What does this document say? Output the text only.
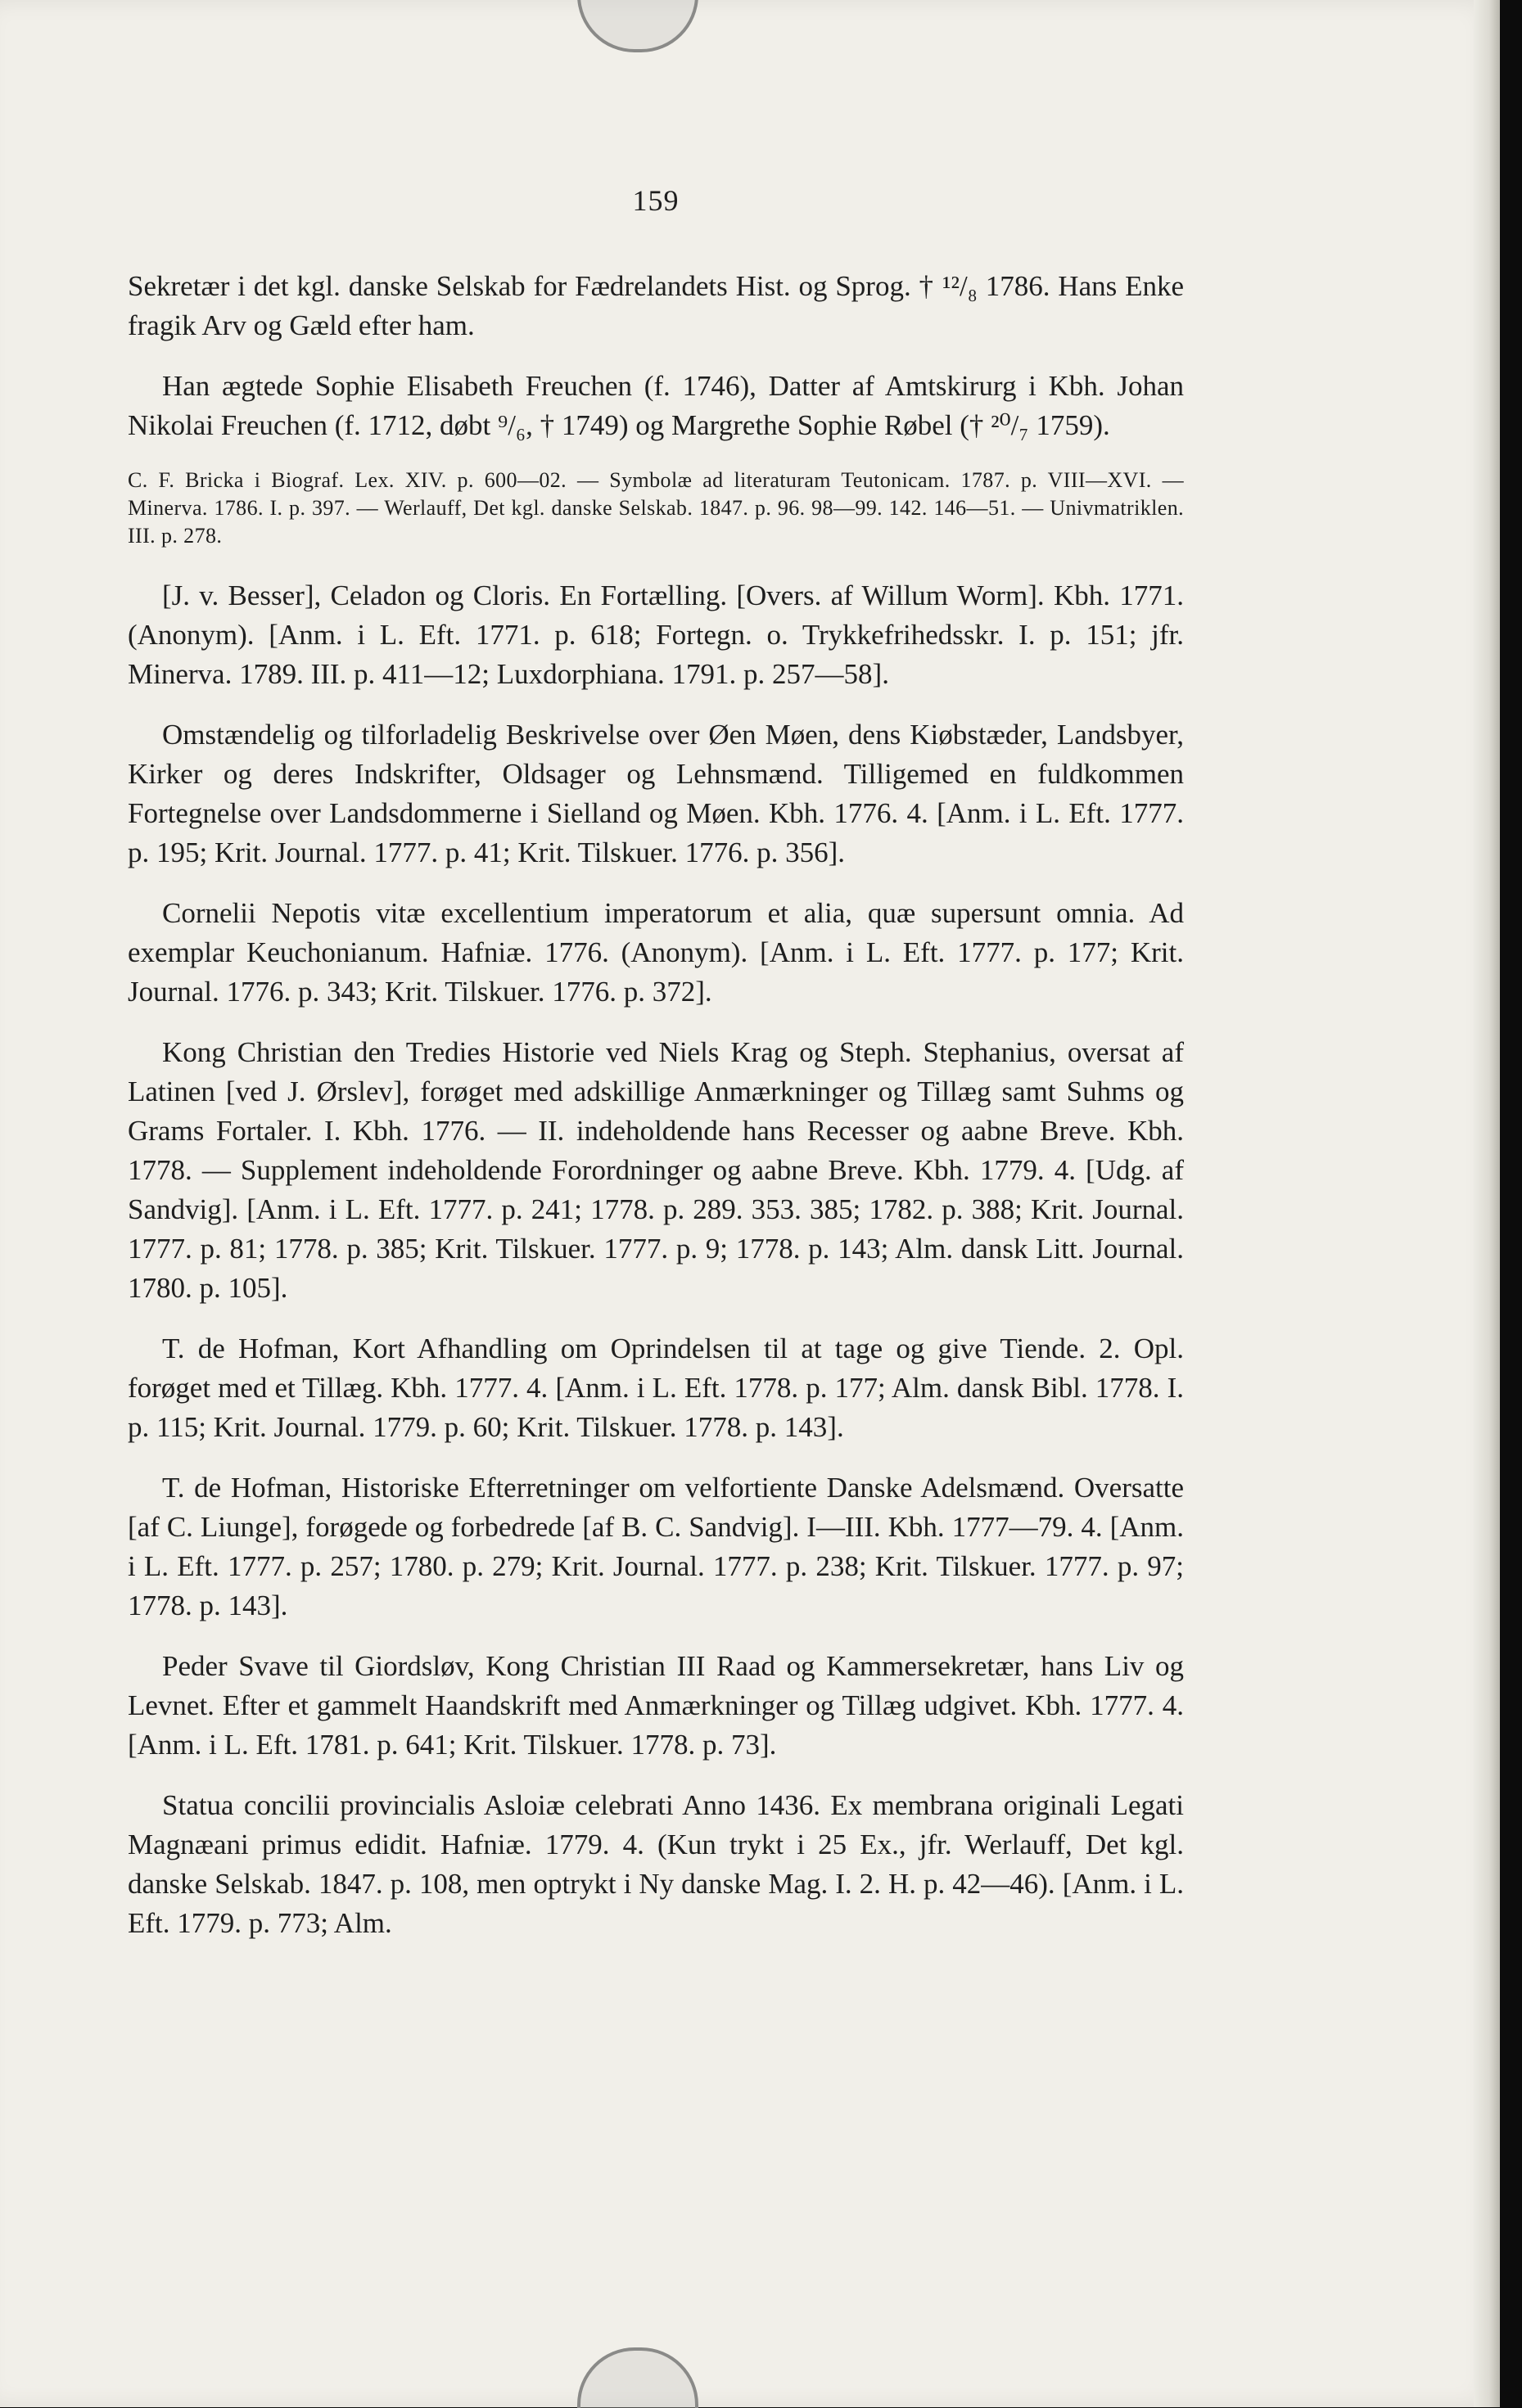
159

Sekretær i det kgl. danske Selskab for Fædrelandets Hist. og Sprog. † ¹²/₈ 1786. Hans Enke fragik Arv og Gæld efter ham.

Han ægtede Sophie Elisabeth Freuchen (f. 1746), Datter af Amtskirurg i Kbh. Johan Nikolai Freuchen (f. 1712, døbt ⁹/₆, † 1749) og Margrethe Sophie Røbel († ²⁰/₇ 1759).

C. F. Bricka i Biograf. Lex. XIV. p. 600—02. — Symbolæ ad literaturam Teutonicam. 1787. p. VIII—XVI. — Minerva. 1786. I. p. 397. — Werlauff, Det kgl. danske Selskab. 1847. p. 96. 98—99. 142. 146—51. — Univmatriklen. III. p. 278.

[J. v. Besser], Celadon og Cloris. En Fortælling. [Overs. af Willum Worm]. Kbh. 1771. (Anonym). [Anm. i L. Eft. 1771. p. 618; Fortegn. o. Trykkefrihedsskr. I. p. 151; jfr. Minerva. 1789. III. p. 411—12; Luxdorphiana. 1791. p. 257—58].

Omstændelig og tilforladelig Beskrivelse over Øen Møen, dens Kiøbstæder, Landsbyer, Kirker og deres Indskrifter, Oldsager og Lehnsmænd. Tilligemed en fuldkommen Fortegnelse over Landsdommerne i Sielland og Møen. Kbh. 1776. 4. [Anm. i L. Eft. 1777. p. 195; Krit. Journal. 1777. p. 41; Krit. Tilskuer. 1776. p. 356].

Cornelii Nepotis vitæ excellentium imperatorum et alia, quæ supersunt omnia. Ad exemplar Keuchonianum. Hafniæ. 1776. (Anonym). [Anm. i L. Eft. 1777. p. 177; Krit. Journal. 1776. p. 343; Krit. Tilskuer. 1776. p. 372].

Kong Christian den Tredies Historie ved Niels Krag og Steph. Stephanius, oversat af Latinen [ved J. Ørslev], forøget med adskillige Anmærkninger og Tillæg samt Suhms og Grams Fortaler. I. Kbh. 1776. — II. indeholdende hans Recesser og aabne Breve. Kbh. 1778. — Supplement indeholdende Forordninger og aabne Breve. Kbh. 1779. 4. [Udg. af Sandvig]. [Anm. i L. Eft. 1777. p. 241; 1778. p. 289. 353. 385; 1782. p. 388; Krit. Journal. 1777. p. 81; 1778. p. 385; Krit. Tilskuer. 1777. p. 9; 1778. p. 143; Alm. dansk Litt. Journal. 1780. p. 105].

T. de Hofman, Kort Afhandling om Oprindelsen til at tage og give Tiende. 2. Opl. forøget med et Tillæg. Kbh. 1777. 4. [Anm. i L. Eft. 1778. p. 177; Alm. dansk Bibl. 1778. I. p. 115; Krit. Journal. 1779. p. 60; Krit. Tilskuer. 1778. p. 143].

T. de Hofman, Historiske Efterretninger om velfortiente Danske Adelsmænd. Oversatte [af C. Liunge], forøgede og forbedrede [af B. C. Sandvig]. I—III. Kbh. 1777—79. 4. [Anm. i L. Eft. 1777. p. 257; 1780. p. 279; Krit. Journal. 1777. p. 238; Krit. Tilskuer. 1777. p. 97; 1778. p. 143].

Peder Svave til Giordsløv, Kong Christian III Raad og Kammersekretær, hans Liv og Levnet. Efter et gammelt Haandskrift med Anmærkninger og Tillæg udgivet. Kbh. 1777. 4. [Anm. i L. Eft. 1781. p. 641; Krit. Tilskuer. 1778. p. 73].

Statua concilii provincialis Asloiæ celebrati Anno 1436. Ex membrana originali Legati Magnæani primus edidit. Hafniæ. 1779. 4. (Kun trykt i 25 Ex., jfr. Werlauff, Det kgl. danske Selskab. 1847. p. 108, men optrykt i Ny danske Mag. I. 2. H. p. 42—46). [Anm. i L. Eft. 1779. p. 773; Alm.
